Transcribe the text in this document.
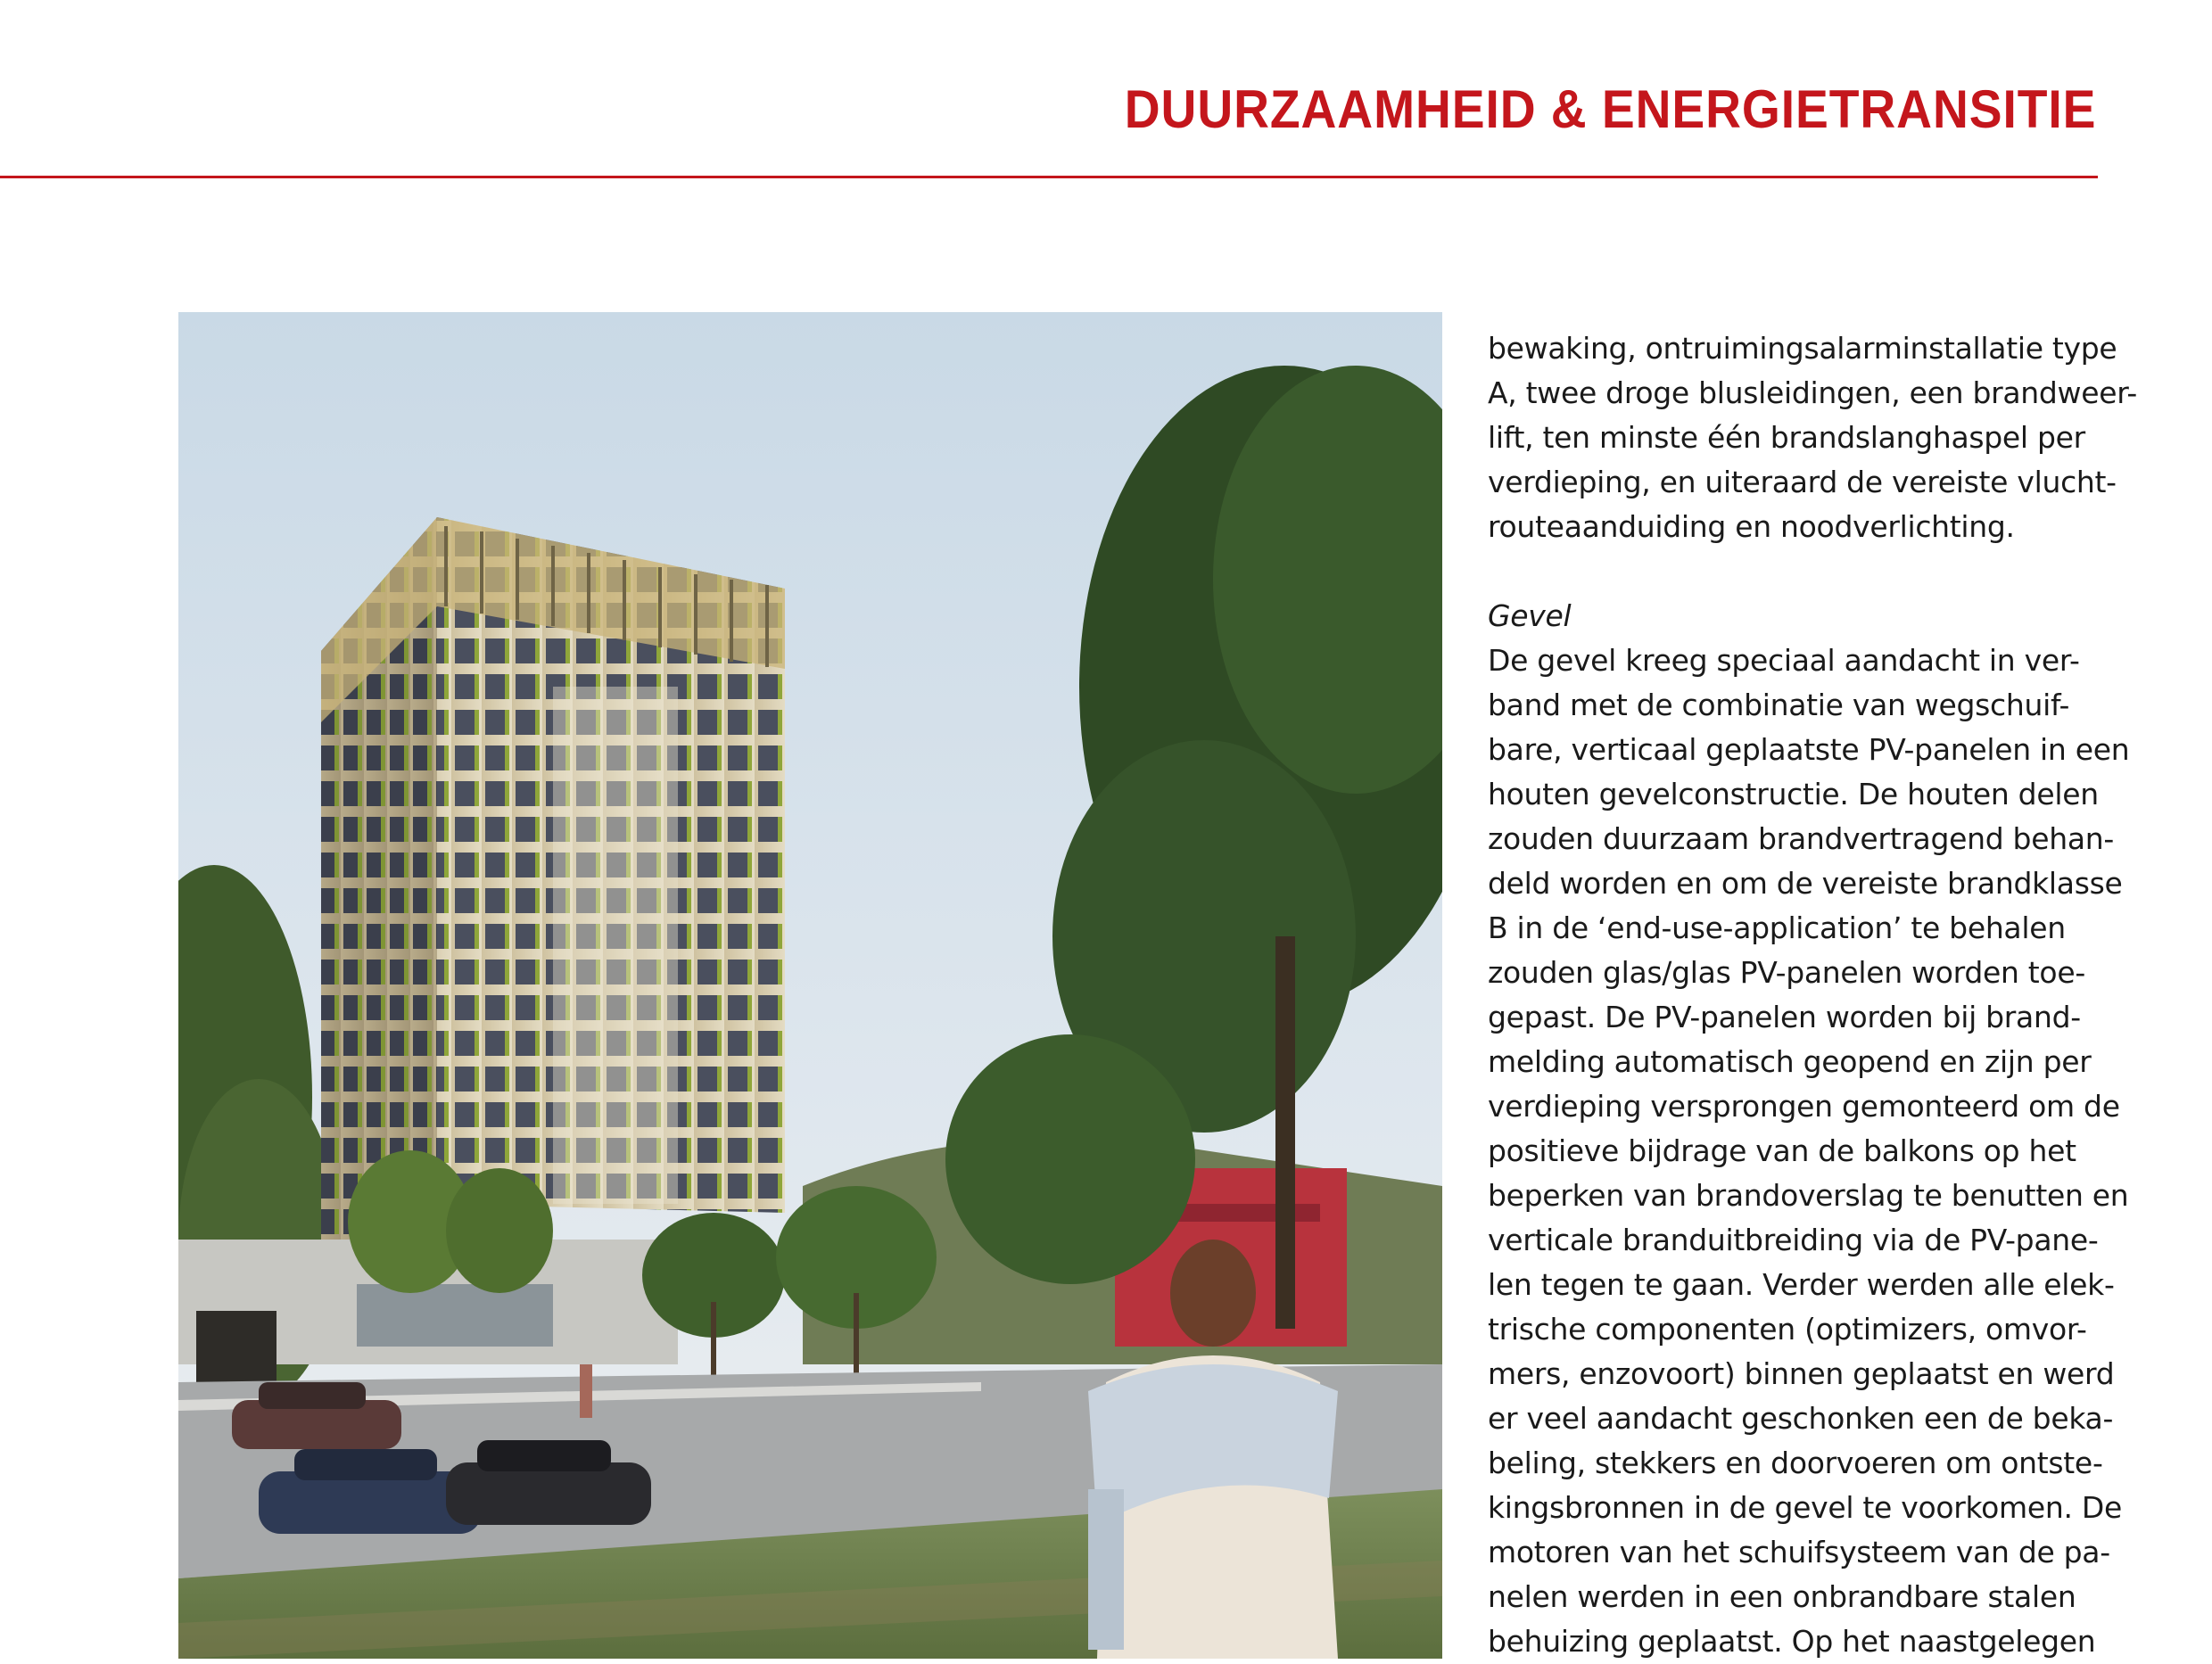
DUURZAAMHEID & ENERGIETRANSITIE
bewaking, ontruimingsalarminstallatie type
A, twee droge blusleidingen, een brandweer-
lift, ten minste één brandslanghaspel per
verdieping, en uiteraard de vereiste vlucht-
routeaanduiding en noodverlichting.
Gevel
De gevel kreeg speciaal aandacht in ver-
band met de combinatie van wegschuif-
bare, verticaal geplaatste PV-panelen in een
houten gevelconstructie. De houten delen
zouden duurzaam brandvertragend behan-
deld worden en om de vereiste brandklasse
B in de ‘end-use-application’ te behalen
zouden glas/glas PV-panelen worden toe-
gepast. De PV-panelen worden bij brand-
melding automatisch geopend en zijn per
verdieping versprongen gemonteerd om de
positieve bijdrage van de balkons op het
beperken van brandoverslag te benutten en
verticale branduitbreiding via de PV-pane-
len tegen te gaan. Verder werden alle elek-
trische componenten (optimizers, omvor-
mers, enzovoort) binnen geplaatst en werd
er veel aandacht geschonken een de beka-
beling, stekkers en doorvoeren om ontste-
kingsbronnen in de gevel te voorkomen. De
motoren van het schuifsysteem van de pa-
nelen werden in een onbrandbare stalen
behuizing geplaatst. Op het naastgelegen
